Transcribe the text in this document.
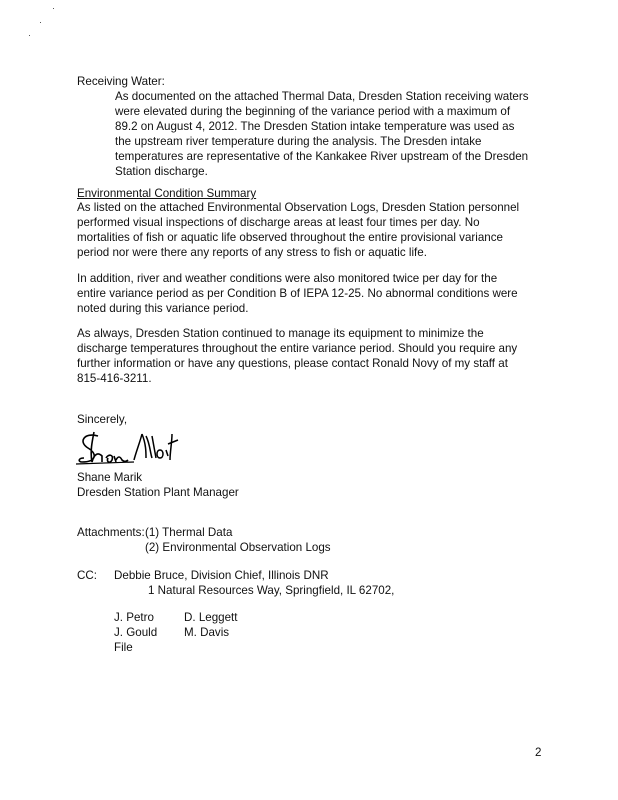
Receiving Water:
As documented on the attached Thermal Data, Dresden Station receiving waters
were elevated during the beginning of the variance period with a maximum of
89.2 on August 4, 2012. The Dresden Station intake temperature was used as
the upstream river temperature during the analysis. The Dresden intake
temperatures are representative of the Kankakee River upstream of the Dresden
Station discharge.
Environmental Condition Summary
As listed on the attached Environmental Observation Logs, Dresden Station personnel
performed visual inspections of discharge areas at least four times per day. No
mortalities of fish or aquatic life observed throughout the entire provisional variance
period nor were there any reports of any stress to fish or aquatic life.
In addition, river and weather conditions were also monitored twice per day for the
entire variance period as per Condition B of IEPA 12-25. No abnormal conditions were
noted during this variance period.
As always, Dresden Station continued to manage its equipment to minimize the
discharge temperatures throughout the entire variance period. Should you require any
further information or have any questions, please contact Ronald Novy of my staff at
815-416-3211.
Sincerely,
Shane Marik
Dresden Station Plant Manager
Attachments: (1) Thermal Data
(2) Environmental Observation Logs
CC: Debbie Bruce, Division Chief, Illinois DNR
1 Natural Resources Way, Springfield, IL 62702,
J. Petro
J. Gould
File
D. Leggett
M. Davis
2
